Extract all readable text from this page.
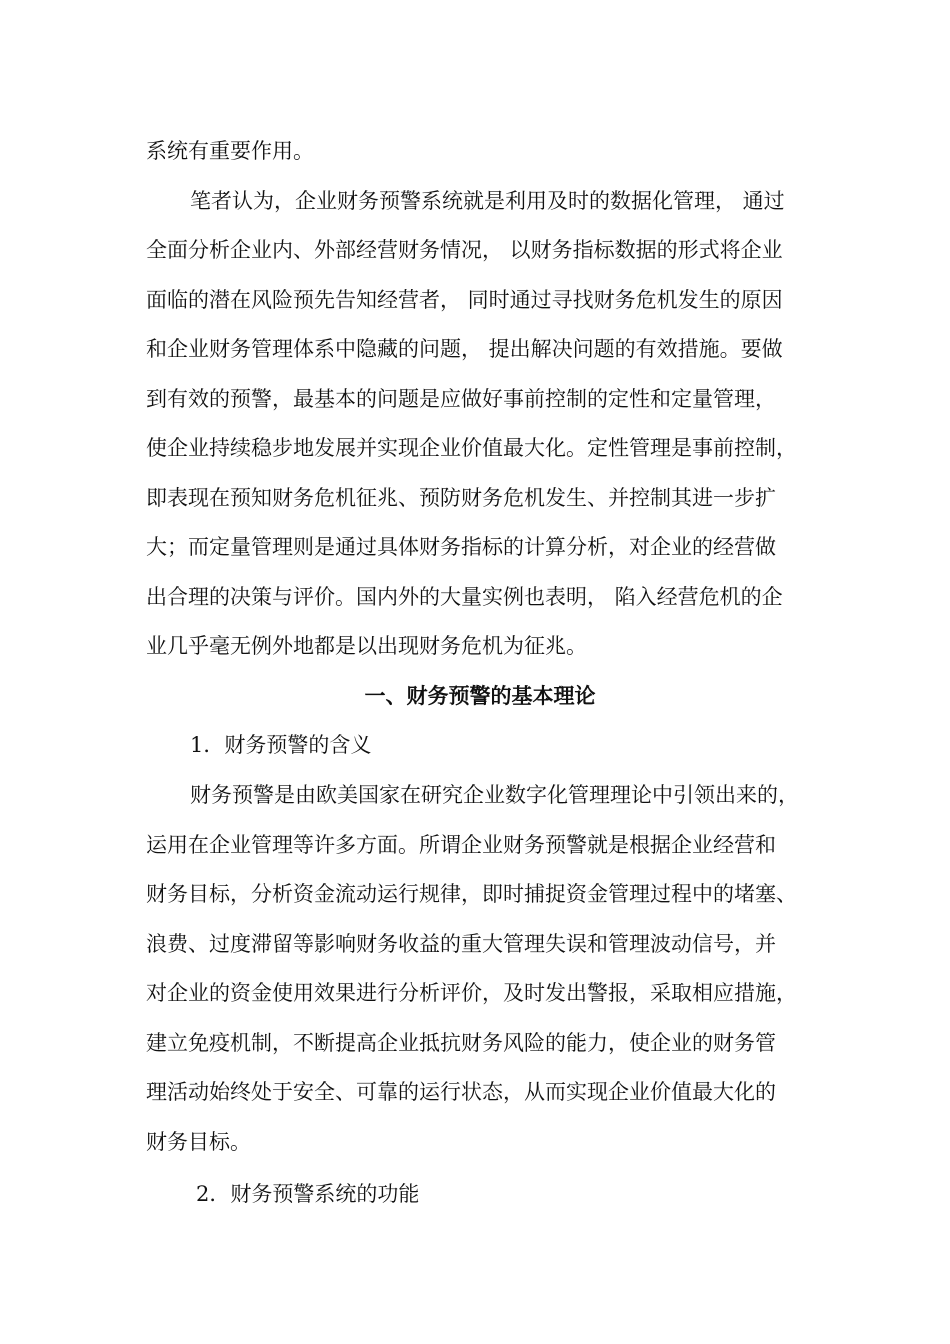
系统有重要作用。
笔者认为，企业财务预警系统就是利用及时的数据化管理， 通过
全面分析企业内、外部经营财务情况， 以财务指标数据的形式将企业
面临的潜在风险预先告知经营者， 同时通过寻找财务危机发生的原因
和企业财务管理体系中隐藏的问题， 提出解决问题的有效措施。要做
到有效的预警，最基本的问题是应做好事前控制的定性和定量管理，
使企业持续稳步地发展并实现企业价值最大化。定性管理是事前控制，
即表现在预知财务危机征兆、预防财务危机发生、并控制其进一步扩
大；而定量管理则是通过具体财务指标的计算分析，对企业的经营做
出合理的决策与评价。国内外的大量实例也表明， 陷入经营危机的企
业几乎毫无例外地都是以出现财务危机为征兆。
一、财务预警的基本理论
1．财务预警的含义
财务预警是由欧美国家在研究企业数字化管理理论中引领出来的，
运用在企业管理等许多方面。所谓企业财务预警就是根据企业经营和
财务目标，分析资金流动运行规律，即时捕捉资金管理过程中的堵塞、
浪费、过度滞留等影响财务收益的重大管理失误和管理波动信号，并
对企业的资金使用效果进行分析评价，及时发出警报，采取相应措施，
建立免疫机制，不断提高企业抵抗财务风险的能力，使企业的财务管
理活动始终处于安全、可靠的运行状态，从而实现企业价值最大化的
财务目标。
2．财务预警系统的功能
